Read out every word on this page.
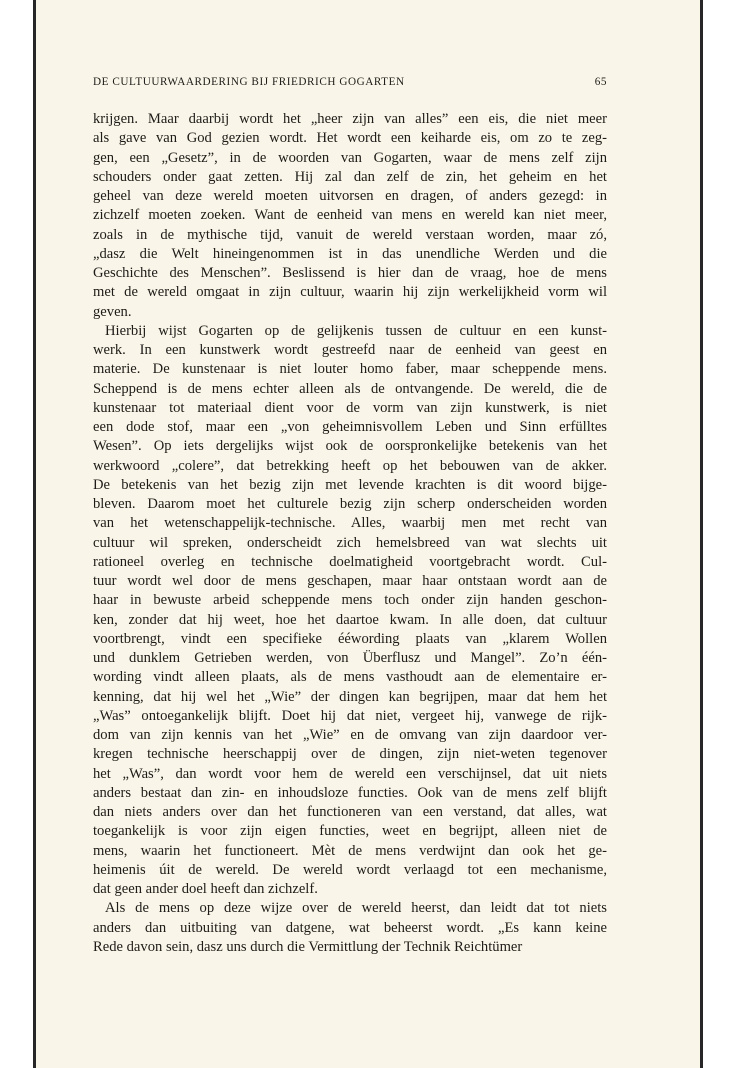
DE CULTUURWAARDERING BIJ FRIEDRICH GOGARTEN	65
krijgen. Maar daarbij wordt het „heer zijn van alles” een eis, die niet meer
als gave van God gezien wordt. Het wordt een keiharde eis, om zo te zeg-
gen, een „Gesetz”, in de woorden van Gogarten, waar de mens zelf zijn
schouders onder gaat zetten. Hij zal dan zelf de zin, het geheim en het
geheel van deze wereld moeten uitvorsen en dragen, of anders gezegd: in
zichzelf moeten zoeken. Want de eenheid van mens en wereld kan niet meer,
zoals in de mythische tijd, vanuit de wereld verstaan worden, maar zó,
„dasz die Welt hineingenommen ist in das unendliche Werden und die
Geschichte des Menschen”. Beslissend is hier dan de vraag, hoe de mens
met de wereld omgaat in zijn cultuur, waarin hij zijn werkelijkheid vorm wil
geven.
Hierbij wijst Gogarten op de gelijkenis tussen de cultuur en een kunst-
werk. In een kunstwerk wordt gestreefd naar de eenheid van geest en
materie. De kunstenaar is niet louter homo faber, maar scheppende mens.
Scheppend is de mens echter alleen als de ontvangende. De wereld, die de
kunstenaar tot materiaal dient voor de vorm van zijn kunstwerk, is niet
een dode stof, maar een „von geheimnisvollem Leben und Sinn erfülltes
Wesen”. Op iets dergelijks wijst ook de oorspronkelijke betekenis van het
werkwoord „colere”, dat betrekking heeft op het bebouwen van de akker.
De betekenis van het bezig zijn met levende krachten is dit woord bijge-
bleven. Daarom moet het culturele bezig zijn scherp onderscheiden worden
van het wetenschappelijk-technische. Alles, waarbij men met recht van
cultuur wil spreken, onderscheidt zich hemelsbreed van wat slechts uit
rationeel overleg en technische doelmatigheid voortgebracht wordt. Cul-
tuur wordt wel door de mens geschapen, maar haar ontstaan wordt aan de
haar in bewuste arbeid scheppende mens toch onder zijn handen geschon-
ken, zonder dat hij weet, hoe het daartoe kwam. In alle doen, dat cultuur
voortbrengt, vindt een specifieke ééwording plaats van „klarem Wollen
und dunklem Getrieben werden, von Überflusz und Mangel”. Zo’n één-
wording vindt alleen plaats, als de mens vasthoudt aan de elementaire er-
kenning, dat hij wel het „Wie” der dingen kan begrijpen, maar dat hem het
„Was” ontoegankelijk blijft. Doet hij dat niet, vergeet hij, vanwege de rijk-
dom van zijn kennis van het „Wie” en de omvang van zijn daardoor ver-
kregen technische heerschappij over de dingen, zijn niet-weten tegenover
het „Was”, dan wordt voor hem de wereld een verschijnsel, dat uit niets
anders bestaat dan zin- en inhoudsloze functies. Ook van de mens zelf blijft
dan niets anders over dan het functioneren van een verstand, dat alles, wat
toegankelijk is voor zijn eigen functies, weet en begrijpt, alleen niet de
mens, waarin het functioneert. Mèt de mens verdwijnt dan ook het ge-
heimenis úit de wereld. De wereld wordt verlaagd tot een mechanisme,
dat geen ander doel heeft dan zichzelf.
Als de mens op deze wijze over de wereld heerst, dan leidt dat tot niets
anders dan uitbuiting van datgene, wat beheerst wordt. „Es kann keine
Rede davon sein, dasz uns durch die Vermittlung der Technik Reichtümer
